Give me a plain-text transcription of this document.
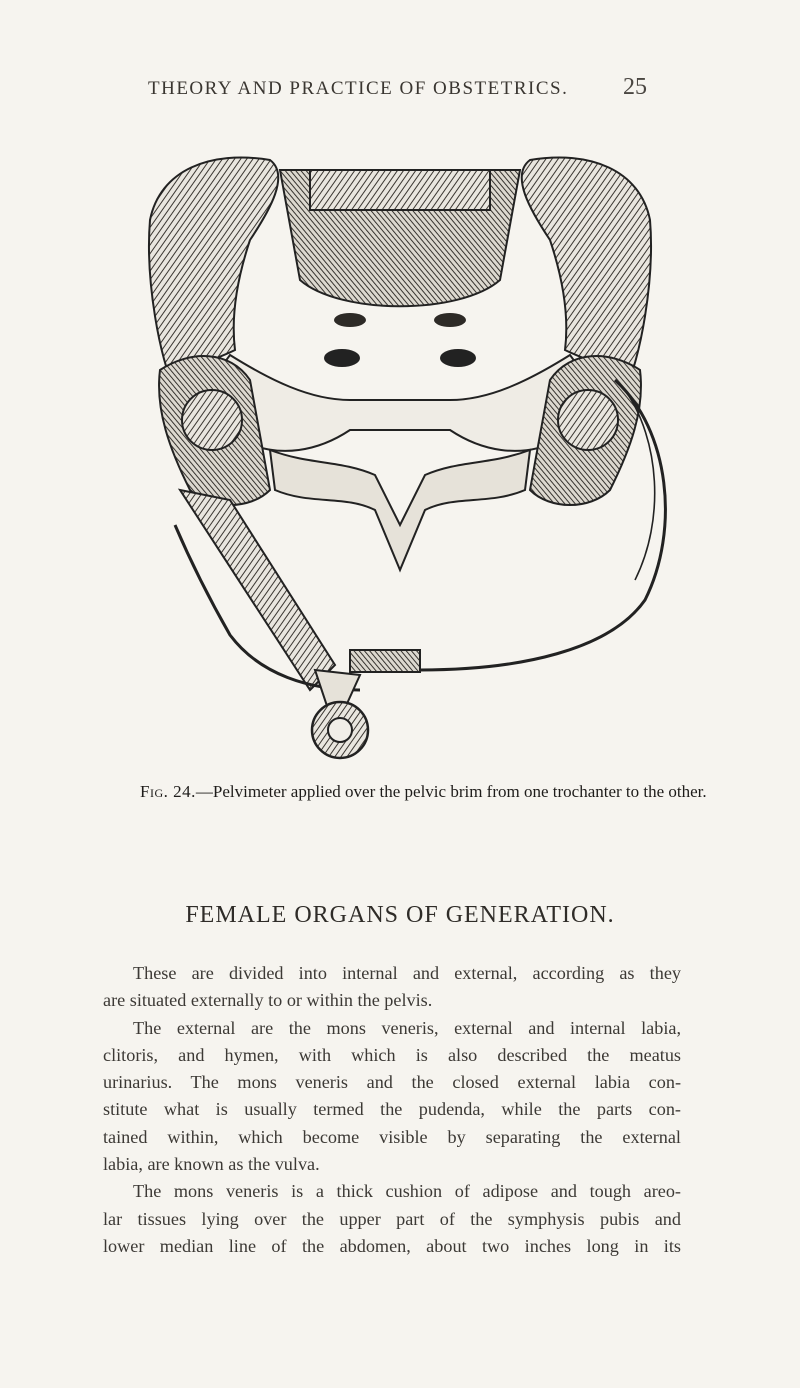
THEORY AND PRACTICE OF OBSTETRICS. 25
Fig. 24.—Pelvimeter applied over the pelvic brim from one trochanter to the other.
FEMALE ORGANS OF GENERATION.

These are divided into internal and external, according as they
are situated externally to or within the pelvis.

The external are the mons veneris, external and internal labia,
clitoris, and hymen, with which is also described the meatus
urinarius. The mons veneris and the closed external labia con-
stitute what is usually termed the pudenda, while the parts con-
tained within, which become visible by separating the external
labia, are known as the vulva.

The mons veneris is a thick cushion of adipose and tough areo-
lar tissues lying over the upper part of the symphysis pubis and
lower median line of the abdomen, about two inches long in its
